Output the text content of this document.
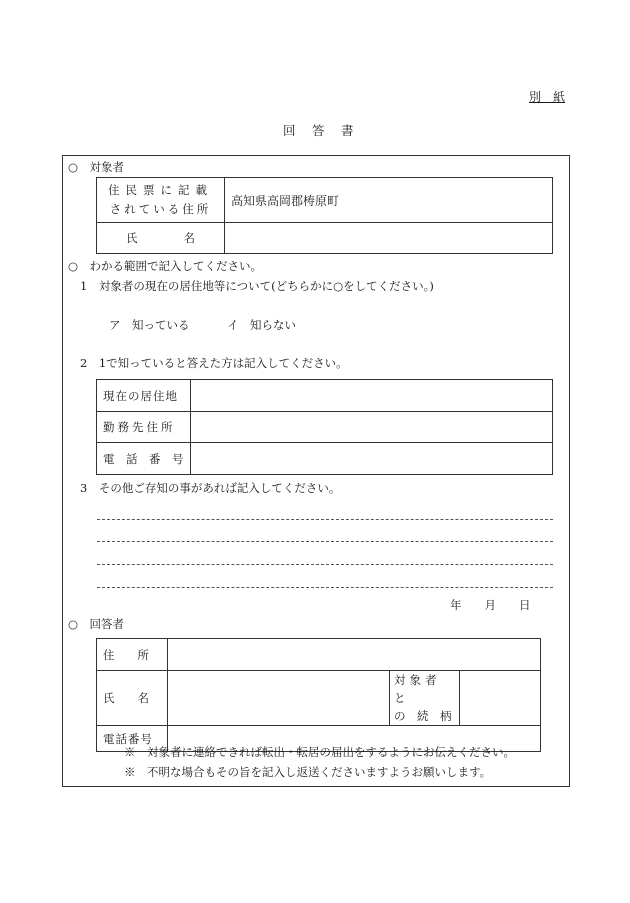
別　紙
回　答　書
○　対象者
住民票に記載
されている住所	高知県高岡郡梼原町
氏　　　　名	
○　わかる範囲で記入してください。
1　対象者の現在の居住地等について(どちらかに○をしてください。)
ア　知っている	イ　知らない
2　1で知っていると答えた方は記入してください。
現在の居住地	
勤務先住所	
電　話　番　号	
3　その他ご存知の事があれば記入してください。
年　　月　　日
○　回答者
住　　所			
氏　　名		対象者と
の　続　柄	

電話番号			
※　対象者に連絡できれば転出・転居の届出をするようにお伝えください。
※　不明な場合もその旨を記入し返送くださいますようお願いします。
